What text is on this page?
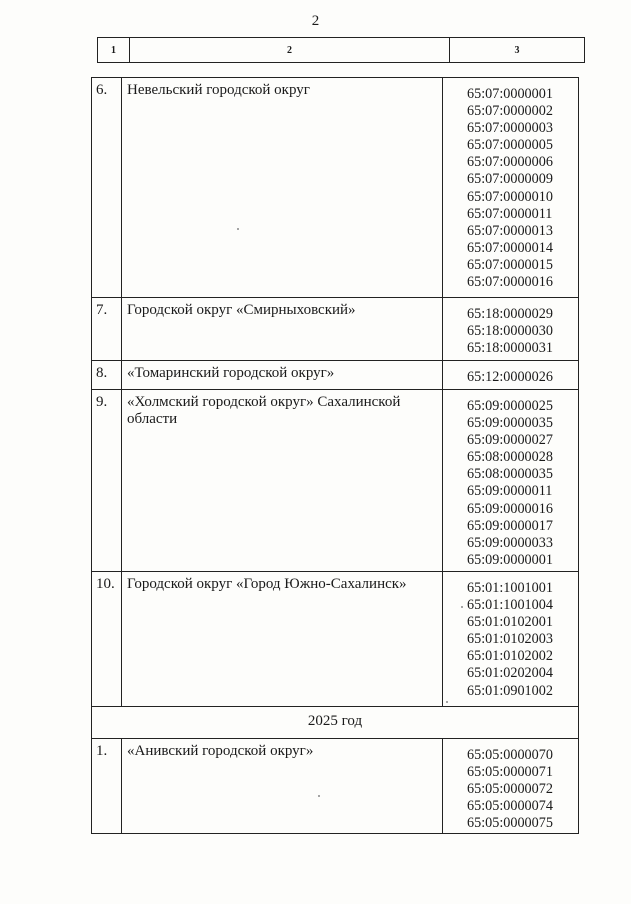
2
1	2	3
6.	Невельский городской округ	65:07:0000001
65:07:0000002
65:07:0000003
65:07:0000005
65:07:0000006
65:07:0000009
65:07:0000010
65:07:0000011
65:07:0000013
65:07:0000014
65:07:0000015
65:07:0000016
7.	Городской округ «Смирныховский»	65:18:0000029
65:18:0000030
65:18:0000031
8.	«Томаринский городской округ»	65:12:0000026
9.	«Холмский городской округ» Сахалинской области
65:09:0000025
65:09:0000035
65:09:0000027
65:08:0000028
65:08:0000035
65:09:0000011
65:09:0000016
65:09:0000017
65:09:0000033
65:09:0000001
10. Городской округ «Город Южно-Сахалинск»	65:01:1001001
65:01:1001004
65:01:0102001
65:01:0102003
65:01:0102002
65:01:0202004
65:01:0901002
2025 год
1.	«Анивский городской округ»	65:05:0000070
65:05:0000071
65:05:0000072
65:05:0000074
65:05:0000075
